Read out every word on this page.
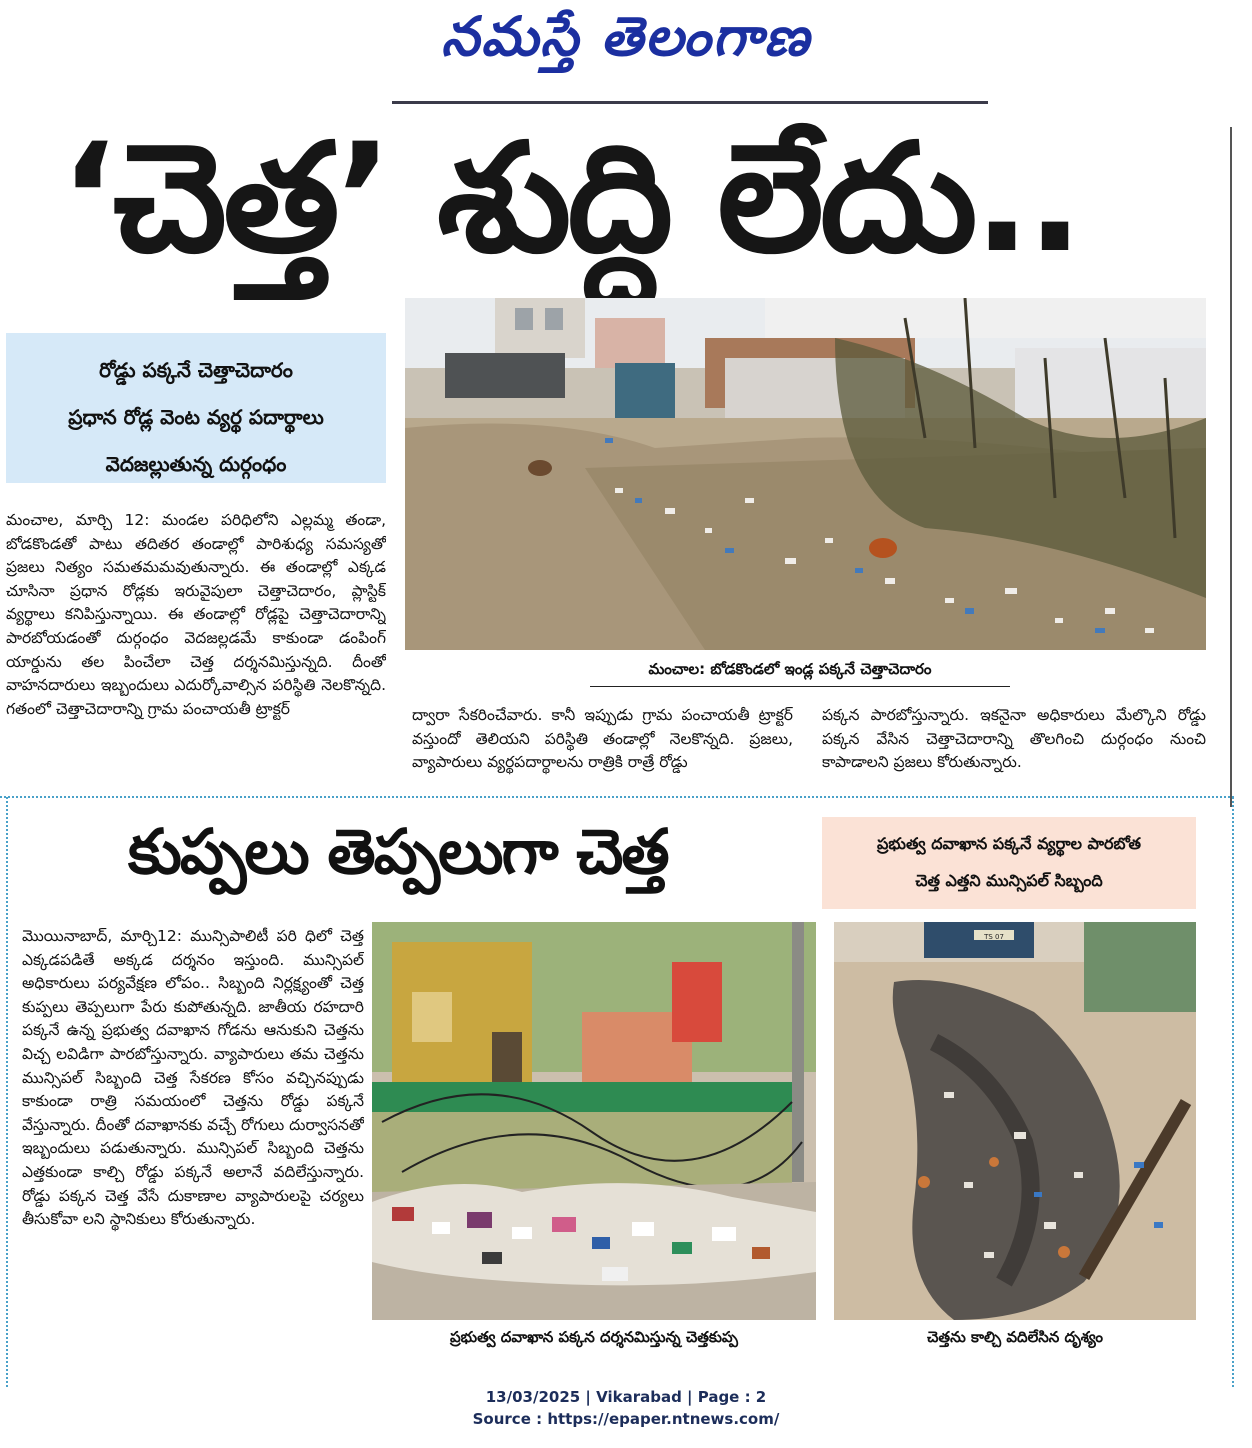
నమస్తే తెలంగాణ
‘చెత్త’ శుద్ధి లేదు..
రోడ్డు పక్కనే చెత్తాచెదారం
ప్రధాన రోడ్ల వెంట వ్యర్థ పదార్థాలు
వెదజల్లుతున్న దుర్గంధం
మంచాల: బోడకొండలో ఇండ్ల పక్కనే చెత్తాచెదారం
మంచాల, మార్చి 12: మండల పరిధిలోని ఎల్లమ్మ తండా, బోడకొండతో పాటు తదితర తండాల్లో పారిశుధ్య సమస్యతో ప్రజలు నిత్యం సమతమమవుతున్నారు. ఈ తండాల్లో ఎక్కడ చూసినా ప్రధాన రోడ్లకు ఇరువైపులా చెత్తాచెదారం, ప్లాస్టిక్ వ్యర్థాలు కనిపిస్తున్నాయి. ఈ తండాల్లో రోడ్లపై చెత్తాచెదారాన్ని పారబోయడంతో దుర్గంధం వెదజల్లడమే కాకుండా డంపింగ్ యార్డును తల పించేలా చెత్త దర్శనమిస్తున్నది. దీంతో వాహనదారులు ఇబ్బందులు ఎదుర్కోవాల్సిన పరిస్థితి నెలకొన్నది. గతంలో చెత్తాచెదారాన్ని గ్రామ పంచాయతీ ట్రాక్టర్	ద్వారా సేకరించేవారు. కానీ ఇప్పుడు గ్రామ పంచాయతీ ట్రాక్టర్ వస్తుందో తెలియని పరిస్థితి తండాల్లో నెలకొన్నది. ప్రజలు, వ్యాపారులు వ్యర్థపదార్థాలను రాత్రికి రాత్రే రోడ్డు
పక్కన పారబోస్తున్నారు. ఇకనైనా అధికారులు మేల్కొని రోడ్డు పక్కన వేసిన చెత్తాచెదారాన్ని తొలగించి దుర్గంధం నుంచి కాపాడాలని ప్రజలు కోరుతున్నారు.
కుప్పలు తెప్పలుగా చెత్త	ప్రభుత్వ దవాఖాన పక్కనే వ్యర్థాల పారబోత
చెత్త ఎత్తని మున్సిపల్ సిబ్బంది
మొయినాబాద్, మార్చి12: మున్సిపాలిటీ పరి ధిలో చెత్త ఎక్కడపడితే అక్కడ దర్శనం ఇస్తుంది. మున్సిపల్ అధికారులు పర్యవేక్షణ లోపం.. సిబ్బంది నిర్లక్ష్యంతో చెత్త కుప్పలు తెప్పలుగా పేరు కుపోతున్నది. జాతీయ రహదారి పక్కనే ఉన్న ప్రభుత్వ దవాఖాన గోడను ఆనుకుని చెత్తను విచ్చ లవిడిగా పారబోస్తున్నారు. వ్యాపారులు తమ చెత్తను మున్సిపల్ సిబ్బంది చెత్త సేకరణ కోసం వచ్చినప్పుడు కాకుండా రాత్రి సమయంలో చెత్తను రోడ్డు పక్కనే వేస్తున్నారు. దీంతో దవాఖానకు వచ్చే రోగులు దుర్వాసనతో ఇబ్బందులు పడుతున్నారు. మున్సిపల్ సిబ్బంది చెత్తను ఎత్తకుండా కాల్చి రోడ్డు పక్కనే అలానే వదిలేస్తున్నారు. రోడ్డు పక్కన చెత్త వేసే దుకాణాల వ్యాపారులపై చర్యలు తీసుకోవా లని స్థానికులు కోరుతున్నారు.
ప్రభుత్వ దవాఖాన పక్కన దర్శనమిస్తున్న చెత్తకుప్ప
TS 07
చెత్తను కాల్చి వదిలేసిన దృశ్యం
13/03/2025 | Vikarabad | Page : 2
Source : https://epaper.ntnews.com/
